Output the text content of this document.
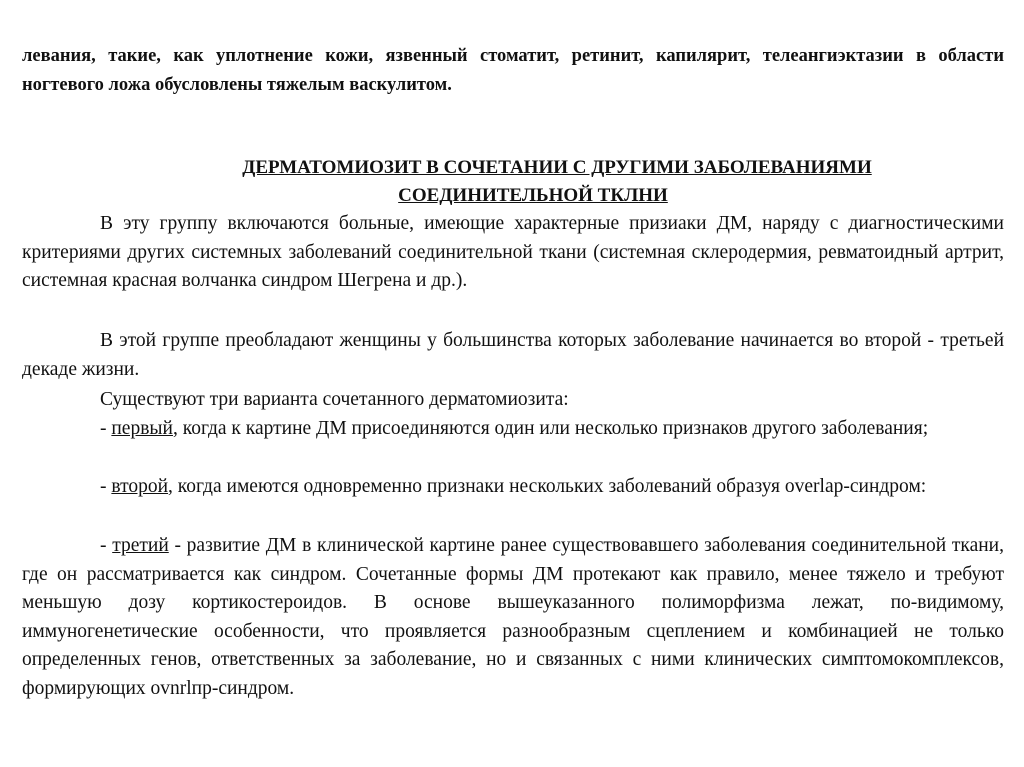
левания, такие, как уплотнение кожи, язвенный стоматит, ретинит, капилярит, телеангиэктазии в области ногтевого ложа обусловлены тяжелым васкулитом.

ДЕРМАТОМИОЗИТ В СОЧЕТАНИИ С ДРУГИМИ ЗАБОЛЕВАНИЯМИ
СОЕДИНИТЕЛЬНОЙ ТКЛНИ

В эту группу включаются больные, имеющие характерные призиаки ДМ, наряду с диагностическими критериями других системных заболеваний соединительной ткани (системная склеродермия, ревматоидный артрит, системная красная волчанка синдром Шегрена и др.).

В этой группе преобладают женщины у большинства которых заболевание начинается во второй - третьей декаде жизни.

Существуют три варианта сочетанного дерматомиозита:

- первый, когда к картине ДМ присоединяются один или несколько признаков другого заболевания;

- второй, когда имеются одновременно признаки нескольких заболеваний образуя overlap-синдром:

- третий - развитие ДМ в клинической картине ранее существовавшего заболевания соединительной ткани, где он рассматривается как синдром. Сочетанные формы ДМ протекают как правило, менее тяжело и требуют меньшую дозу кортикостероидов. В основе вышеуказанного полиморфизма лежат, по-видимому, иммуногенетические особенности, что проявляется разнообразным сцеплением и комбинацией не только определенных генов, ответственных за заболевание, но и связанных с ними клинических симптомокомплексов, формирующих оvnrlпр-синдром.
